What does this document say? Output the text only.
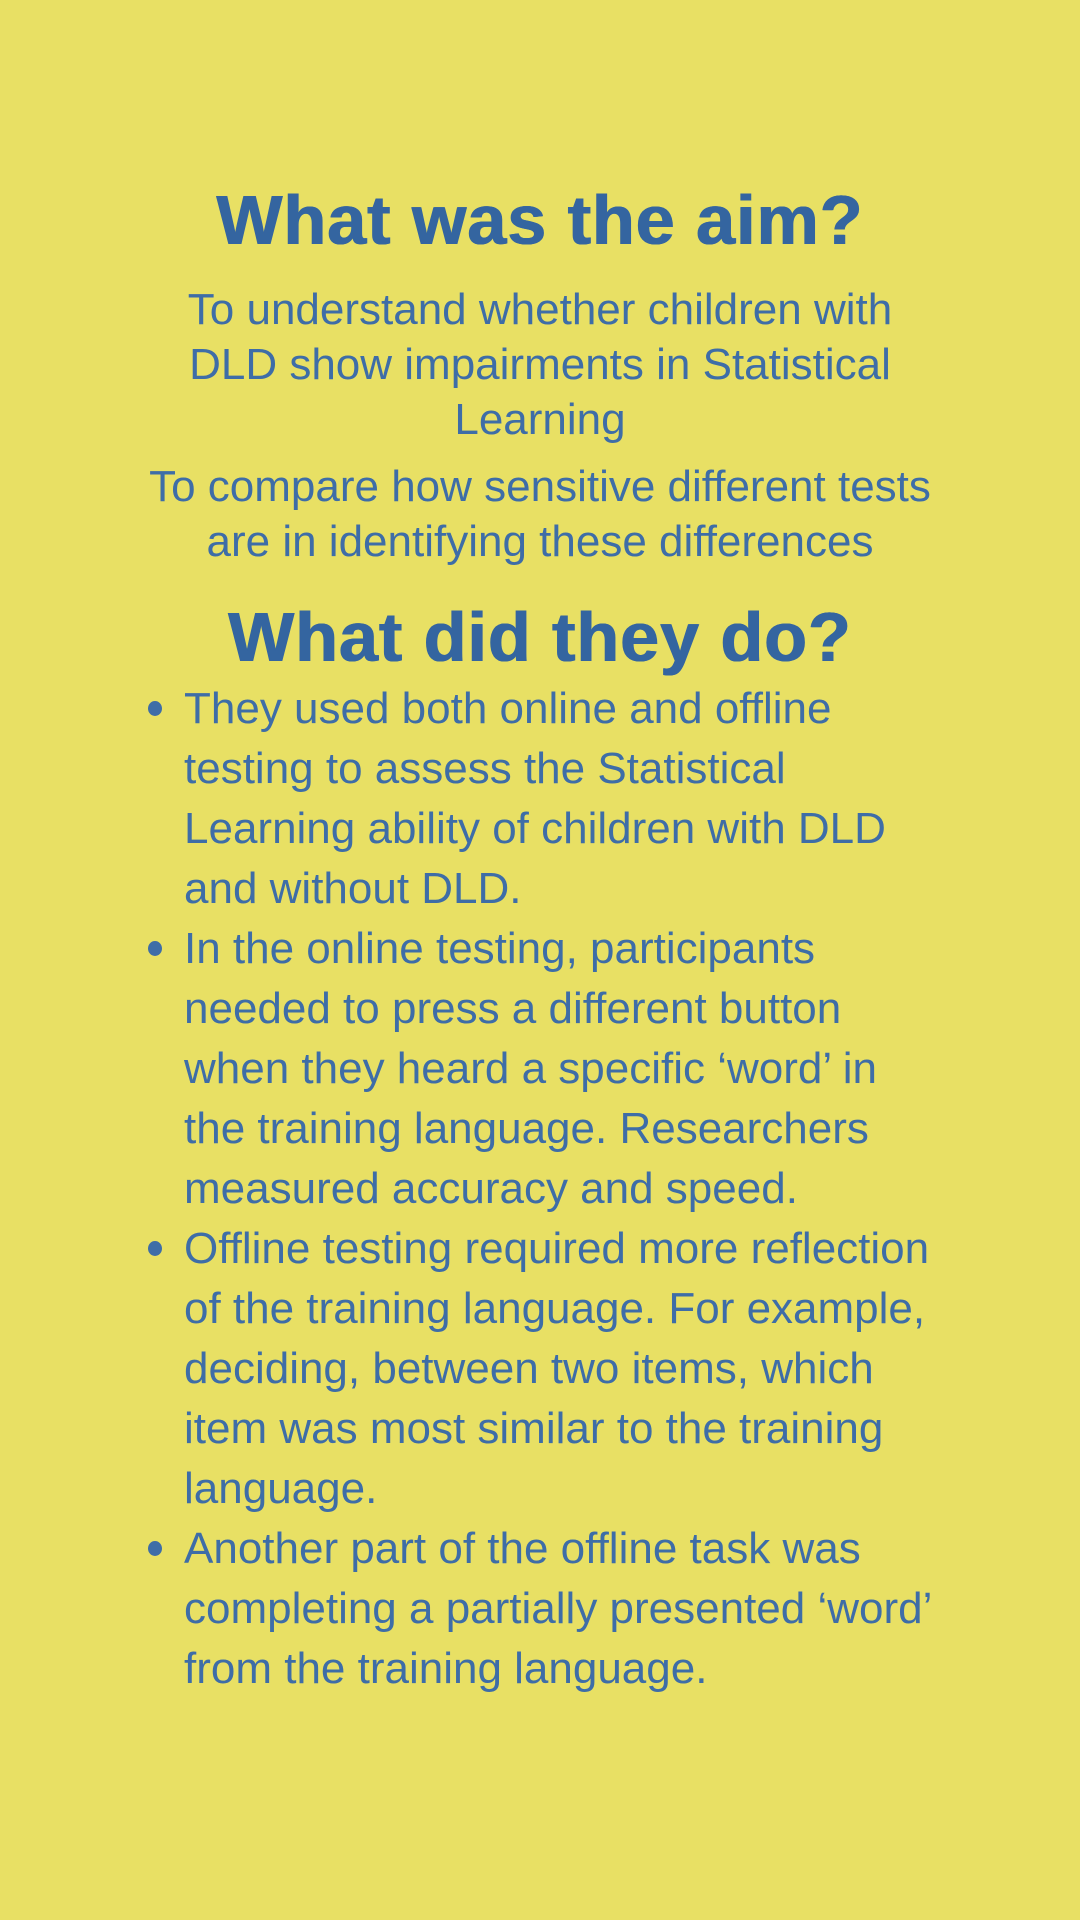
What was the aim?

To understand whether children with DLD show impairments in Statistical Learning

To compare how sensitive different tests are in identifying these differences

What did they do?
They used both online and offline testing to assess the Statistical Learning ability of children with DLD and without DLD.
In the online testing, participants needed to press a different button when they heard a specific ‘word’ in the training language. Researchers measured accuracy and speed.
Offline testing required more reflection of the training language. For example, deciding, between two items, which item was most similar to the training language.
Another part of the offline task was completing a partially presented ‘word’ from the training language.
